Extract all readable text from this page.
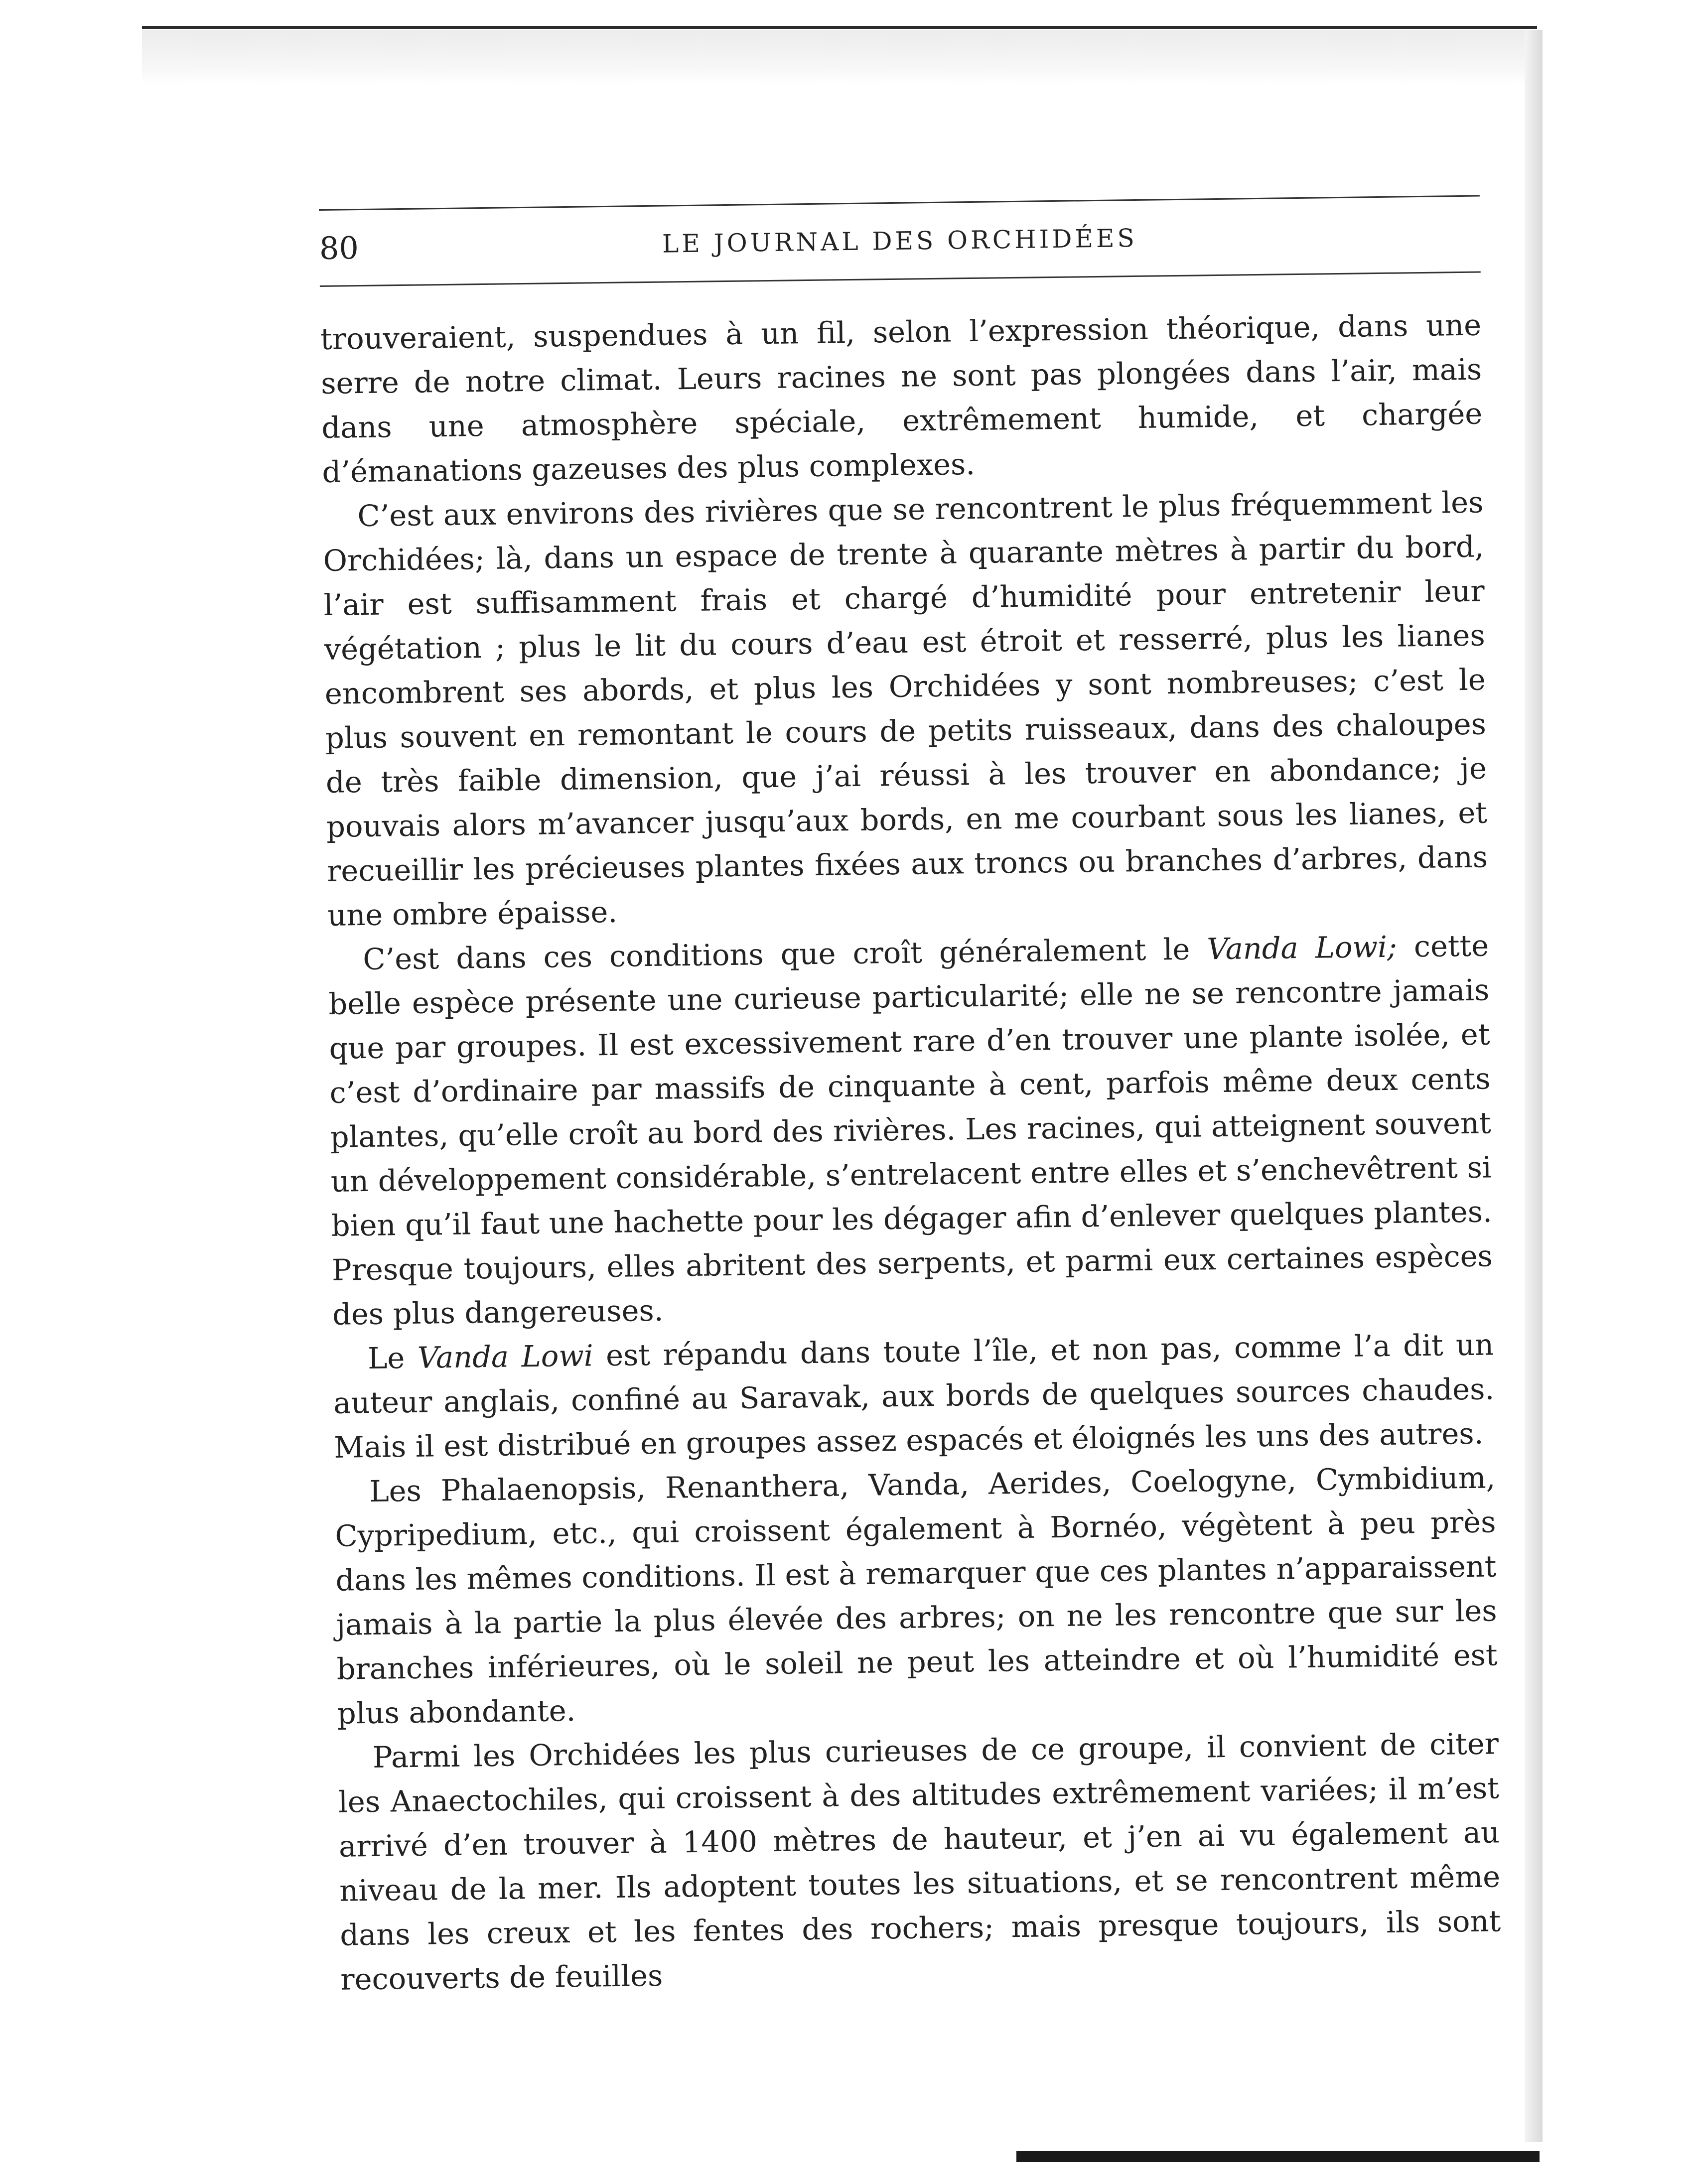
80	LE JOURNAL DES ORCHIDÉES

trouveraient, suspendues à un fil, selon l’expression théorique, dans une serre de notre climat. Leurs racines ne sont pas plongées dans l’air, mais dans une atmosphère spéciale, extrêmement humide, et chargée d’émanations gazeuses des plus complexes.

C’est aux environs des rivières que se rencontrent le plus fréquemment les Orchidées; là, dans un espace de trente à quarante mètres à partir du bord, l’air est suffisamment frais et chargé d’humidité pour entretenir leur végétation ; plus le lit du cours d’eau est étroit et resserré, plus les lianes encombrent ses abords, et plus les Orchidées y sont nombreuses; c’est le plus souvent en remontant le cours de petits ruisseaux, dans des chaloupes de très faible dimension, que j’ai réussi à les trouver en abondance; je pouvais alors m’avancer jusqu’aux bords, en me courbant sous les lianes, et recueillir les précieuses plantes fixées aux troncs ou branches d’arbres, dans une ombre épaisse.

C’est dans ces conditions que croît généralement le Vanda Lowi; cette belle espèce présente une curieuse particularité; elle ne se rencontre jamais que par groupes. Il est excessivement rare d’en trouver une plante isolée, et c’est d’ordinaire par massifs de cinquante à cent, parfois même deux cents plantes, qu’elle croît au bord des rivières. Les racines, qui atteignent souvent un développement considérable, s’entrelacent entre elles et s’enchevêtrent si bien qu’il faut une hachette pour les dégager afin d’enlever quelques plantes. Presque toujours, elles abritent des serpents, et parmi eux certaines espèces des plus dangereuses.

Le Vanda Lowi est répandu dans toute l’île, et non pas, comme l’a dit un auteur anglais, confiné au Saravak, aux bords de quelques sources chaudes. Mais il est distribué en groupes assez espacés et éloignés les uns des autres.

Les Phalaenopsis, Renanthera, Vanda, Aerides, Coelogyne, Cymbidium, Cypripedium, etc., qui croissent également à Bornéo, végètent à peu près dans les mêmes conditions. Il est à remarquer que ces plantes n’apparaissent jamais à la partie la plus élevée des arbres; on ne les rencontre que sur les branches inférieures, où le soleil ne peut les atteindre et où l’humidité est plus abondante.

Parmi les Orchidées les plus curieuses de ce groupe, il convient de citer les Anaectochiles, qui croissent à des altitudes extrêmement variées; il m’est arrivé d’en trouver à 1400 mètres de hauteur, et j’en ai vu également au niveau de la mer. Ils adoptent toutes les situations, et se rencontrent même dans les creux et les fentes des rochers; mais presque toujours, ils sont recouverts de feuilles
